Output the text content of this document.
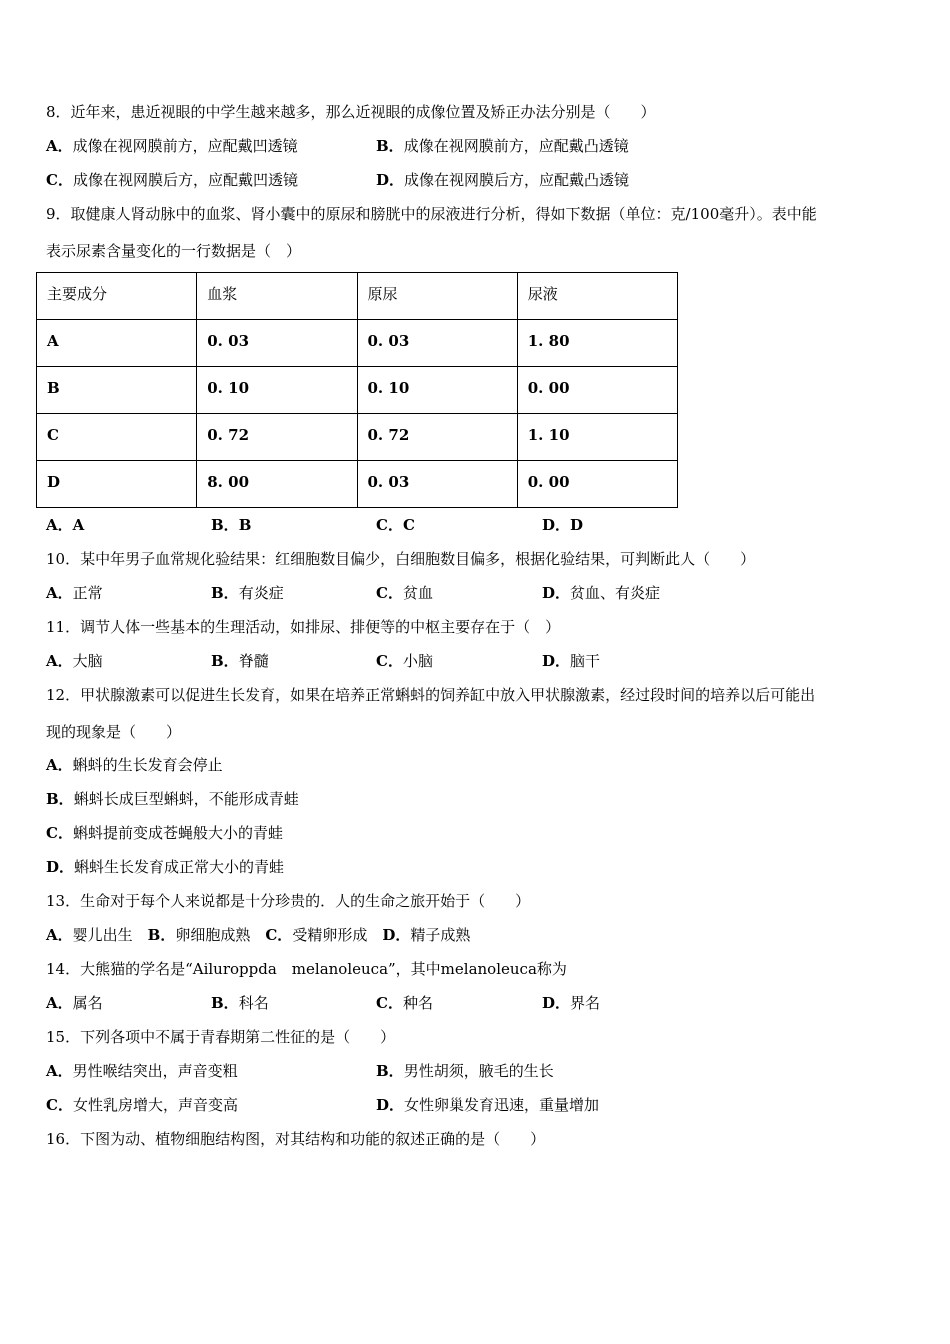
8．近年来，患近视眼的中学生越来越多，那么近视眼的成像位置及矫正办法分别是（　　）
A．成像在视网膜前方，应配戴凹透镜	B．成像在视网膜前方，应配戴凸透镜
C．成像在视网膜后方，应配戴凹透镜	D．成像在视网膜后方，应配戴凸透镜
9．取健康人肾动脉中的血浆、肾小囊中的原尿和膀胱中的尿液进行分析，得如下数据（单位：克/100毫升）。表中能
表示尿素含量变化的一行数据是（　）
主要成分	血浆	原尿	尿液
A	0. 03	0. 03	1. 80
B	0. 10	0. 10	0. 00
C	0. 72	0. 72	1. 10
D	8. 00	0. 03	0. 00
A．A	B．B	C．C	D．D
10．某中年男子血常规化验结果：红细胞数目偏少，白细胞数目偏多，根据化验结果，可判断此人（　　）
A．正常	B．有炎症	C．贫血	D．贫血、有炎症
11．调节人体一些基本的生理活动，如排尿、排便等的中枢主要存在于（　）
A．大脑	B．脊髓	C．小脑	D．脑干
12．甲状腺激素可以促进生长发育，如果在培养正常蝌蚪的饲养缸中放入甲状腺激素，经过段时间的培养以后可能出
现的现象是（　　）
A．蝌蚪的生长发育会停止
B．蝌蚪长成巨型蝌蚪，不能形成青蛙
C．蝌蚪提前变成苍蝇般大小的青蛙
D．蝌蚪生长发育成正常大小的青蛙
13．生命对于每个人来说都是十分珍贵的．人的生命之旅开始于（　　）
A．婴儿出生  B．卵细胞成熟  C．受精卵形成  D．精子成熟
14．大熊猫的学名是“Ailuroppda　melanoleuca”，其中melanoleuca称为
A．属名	B．科名	C．种名	D．界名
15．下列各项中不属于青春期第二性征的是（　　）
A．男性喉结突出，声音变粗	B．男性胡须，腋毛的生长
C．女性乳房增大，声音变高	D．女性卵巢发育迅速，重量增加
16．下图为动、植物细胞结构图，对其结构和功能的叙述正确的是（　　）
